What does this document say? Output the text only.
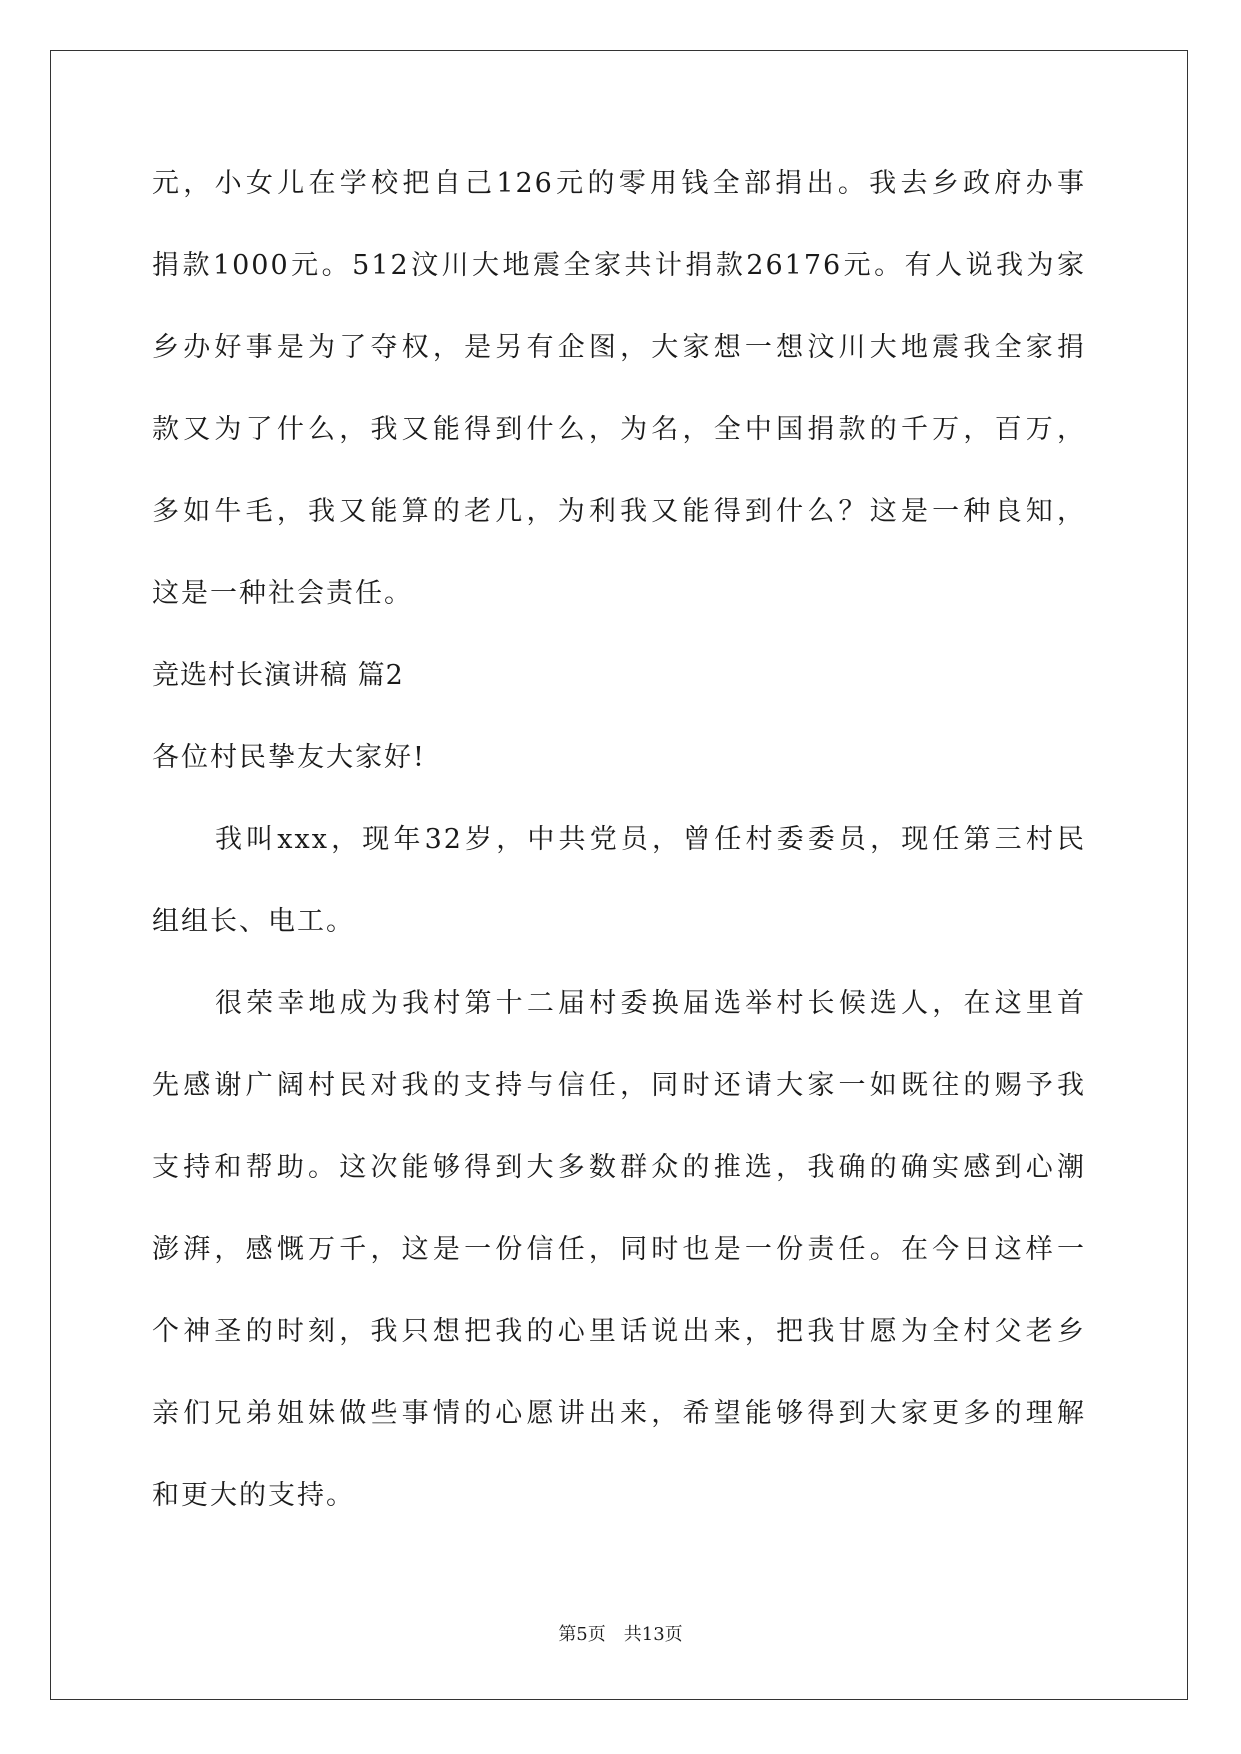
元，小女儿在学校把自己126元的零用钱全部捐出。我去乡政府办事
捐款1000元。512汶川大地震全家共计捐款26176元。有人说我为家
乡办好事是为了夺权，是另有企图，大家想一想汶川大地震我全家捐
款又为了什么，我又能得到什么，为名，全中国捐款的千万，百万，
多如牛毛，我又能算的老几，为利我又能得到什么？这是一种良知，
这是一种社会责任。
竞选村长演讲稿 篇2
各位村民挚友大家好!
我叫xxx，现年32岁，中共党员，曾任村委委员，现任第三村民
组组长、电工。
很荣幸地成为我村第十二届村委换届选举村长候选人，在这里首
先感谢广阔村民对我的支持与信任，同时还请大家一如既往的赐予我
支持和帮助。这次能够得到大多数群众的推选，我确的确实感到心潮
澎湃，感慨万千，这是一份信任，同时也是一份责任。在今日这样一
个神圣的时刻，我只想把我的心里话说出来，把我甘愿为全村父老乡
亲们兄弟姐妹做些事情的心愿讲出来，希望能够得到大家更多的理解
和更大的支持。
第5页　共13页
